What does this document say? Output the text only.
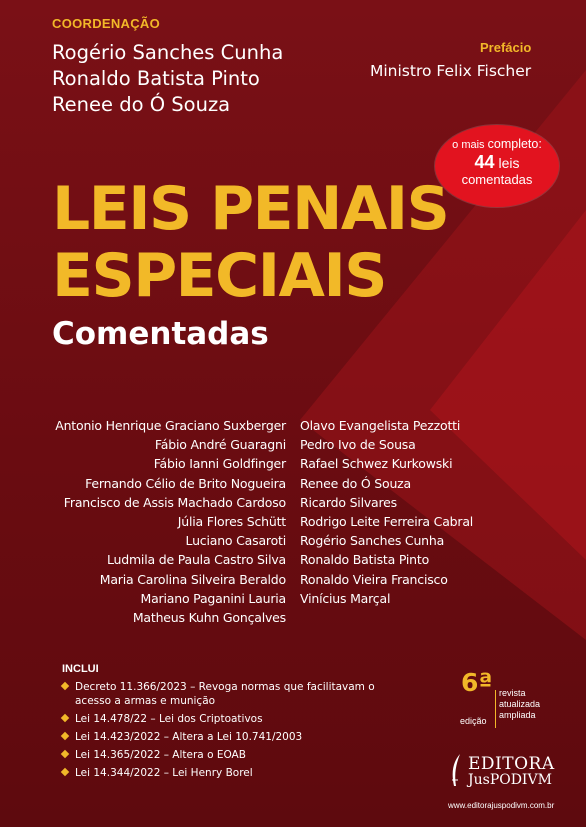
COORDENAÇÃO
Rogério Sanches Cunha
Ronaldo Batista Pinto
Renee do Ó Souza
Prefácio
Ministro Felix Fischer
o mais completo:
44 leis
comentadas
LEIS PENAIS
ESPECIAIS
Comentadas
Antonio Henrique Graciano Suxberger
Fábio André Guaragni
Fábio Ianni Goldfinger
Fernando Célio de Brito Nogueira
Francisco de Assis Machado Cardoso
Júlia Flores Schütt
Luciano Casaroti
Ludmila de Paula Castro Silva
Maria Carolina Silveira Beraldo
Mariano Paganini Lauria
Matheus Kuhn Gonçalves
Olavo Evangelista Pezzotti
Pedro Ivo de Sousa
Rafael Schwez Kurkowski
Renee do Ó Souza
Ricardo Silvares
Rodrigo Leite Ferreira Cabral
Rogério Sanches Cunha
Ronaldo Batista Pinto
Ronaldo Vieira Francisco
Vinícius Marçal
INCLUI
Decreto 11.366/2023 – Revoga normas que facilitavam o acesso a armas e munição
Lei 14.478/22 – Lei dos Criptoativos
Lei 14.423/2022 – Altera a Lei 10.741/2003
Lei 14.365/2022 – Altera o EOAB
Lei 14.344/2022 – Lei Henry Borel
6ª
edição
revista
atualizada
ampliada
EDITORA
JusPODIVM
www.editorajuspodivm.com.br
